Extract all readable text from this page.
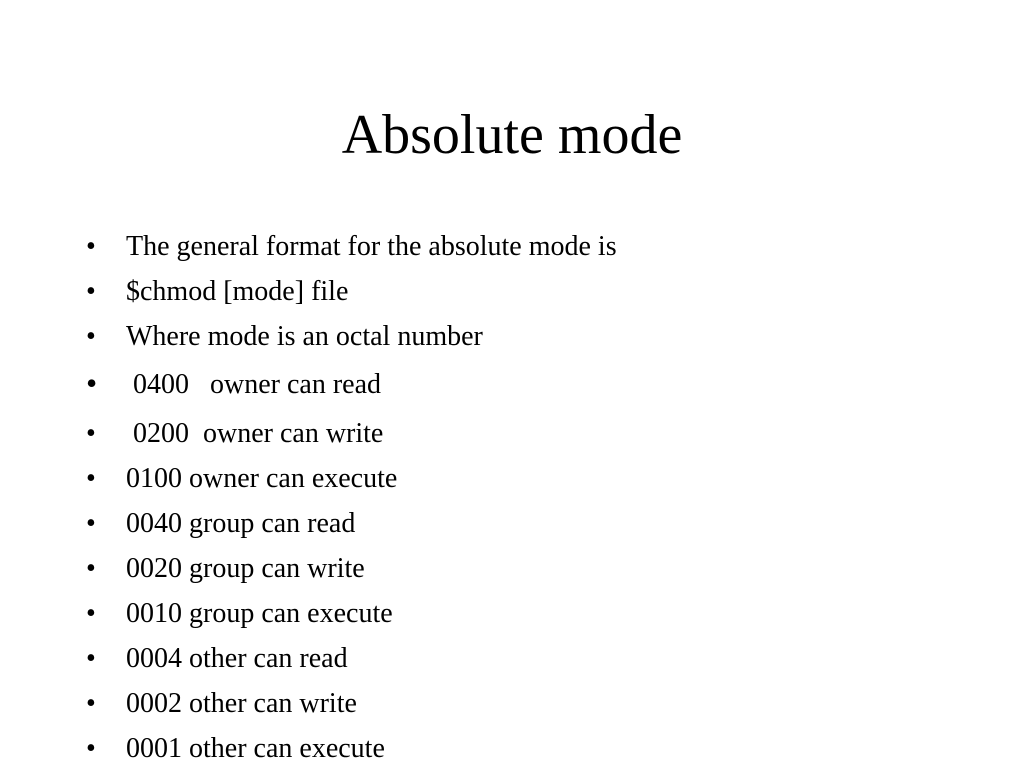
Absolute mode

•

	The general format for the absolute mode is

•

	$chmod [mode] file

•

	Where mode is an octal number

•

	0400   owner can read

•

	0200  owner can write

•

	0100 owner can execute

•

	0040 group can read

•

	0020 group can write

•

	0010 group can execute

•

	0004 other can read

•

	0002 other can write

•

	0001 other can execute
